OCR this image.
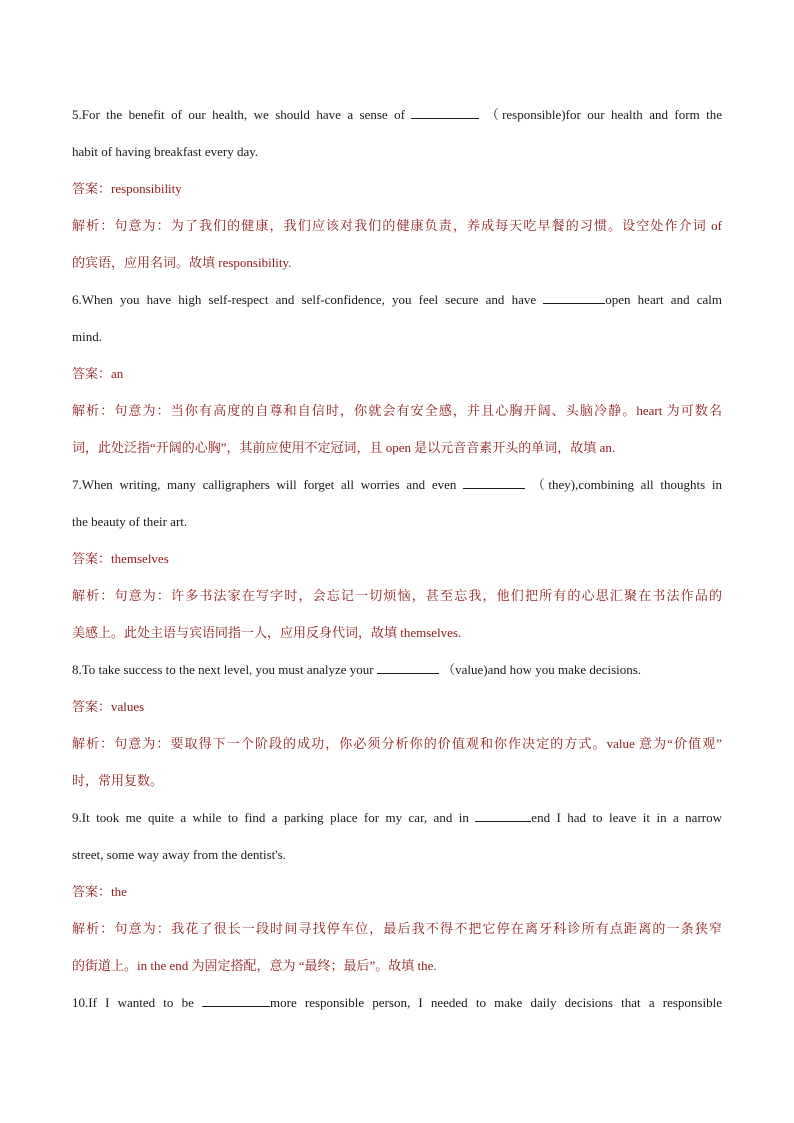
5.For the benefit of our health, we should have a sense of	（responsible)for our health and form the
habit of having breakfast every day.
答案：responsibility
解析：句意为：为了我们的健康，我们应该对我们的健康负责，养成每天吃早餐的习惯。设空处作介词 of
的宾语，应用名词。故填 responsibility.
6.When you have high self-respect and self-confidence, you feel secure and have	open heart and calm
mind.
答案：an
解析：句意为：当你有高度的自尊和自信时，你就会有安全感，并且心胸开阔、头脑冷静。heart 为可数名
词，此处泛指“开阔的心胸”，其前应使用不定冠词，且 open 是以元音音素开头的单词，故填 an.
7.When writing, many calligraphers will forget all worries and even	（they),combining all thoughts in
the beauty of their art.
答案：themselves
解析：句意为：许多书法家在写字时，会忘记一切烦恼，甚至忘我，他们把所有的心思汇聚在书法作品的
美感上。此处主语与宾语同指一人，应用反身代词，故填 themselves.
8.To take success to the next level, you must analyze your	（value)and how you make decisions.
答案：values
解析：句意为：要取得下一个阶段的成功，你必须分析你的价值观和你作决定的方式。value 意为“价值观”
时，常用复数。
9.It took me quite a while to find a parking place for my car, and in	end I had to leave it in a narrow
street, some way away from the dentist's.
答案：the
解析：句意为：我花了很长一段时间寻找停车位，最后我不得不把它停在离牙科诊所有点距离的一条狭窄
的街道上。in the end 为固定搭配，意为 “最终；最后”。故填 the.
10.If I wanted to be	more responsible person, I needed to make daily decisions that a responsible
